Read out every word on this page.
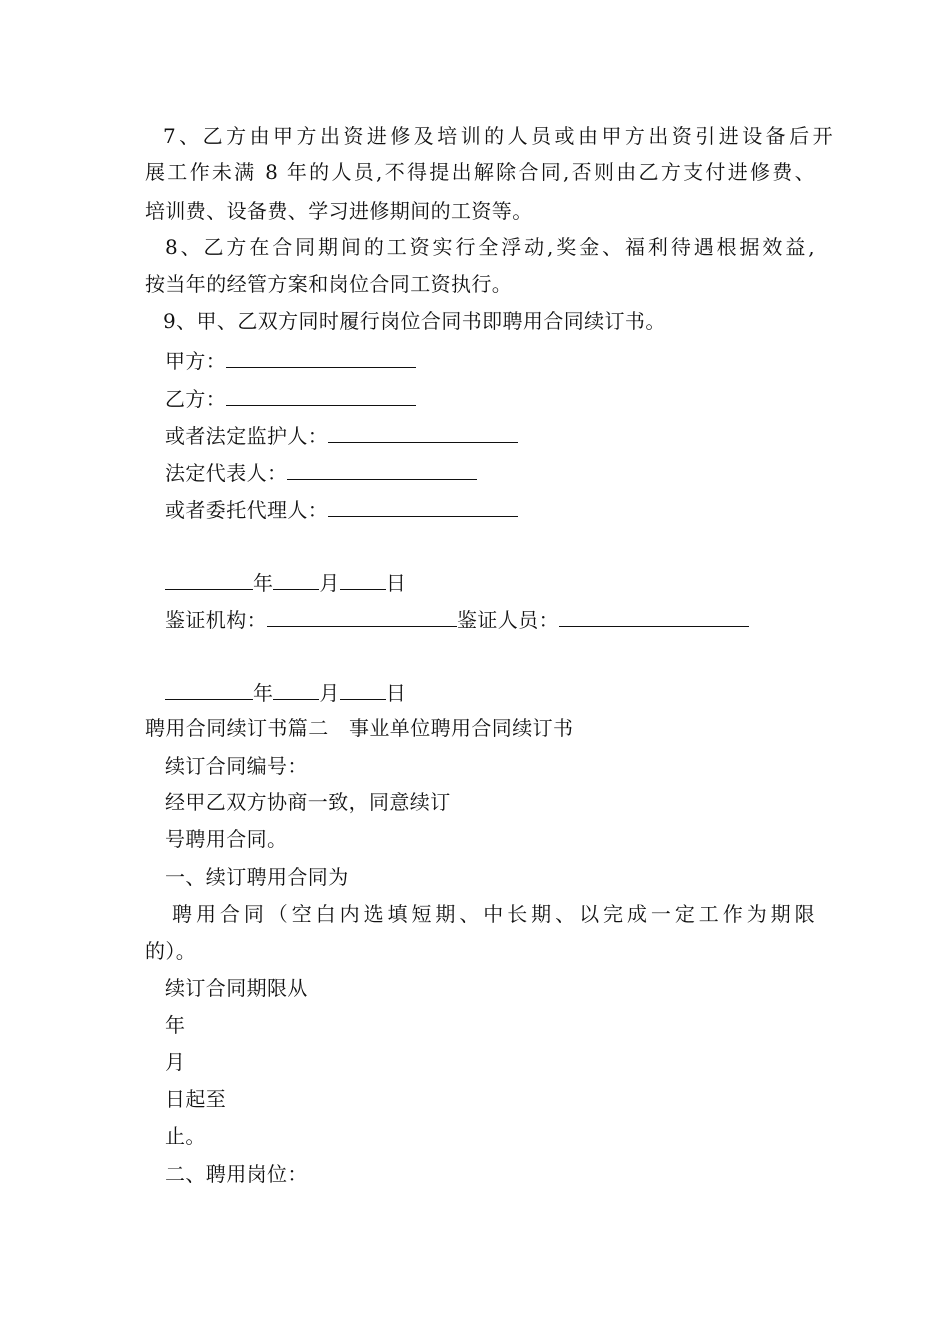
7、乙方由甲方出资进修及培训的人员或由甲方出资引进设备后开
展工作未满 8 年的人员,不得提出解除合同,否则由乙方支付进修费、
培训费、设备费、学习进修期间的工资等。
8、乙方在合同期间的工资实行全浮动,奖金、福利待遇根据效益,
按当年的经管方案和岗位合同工资执行。
9、甲、乙双方同时履行岗位合同书即聘用合同续订书。
甲方：
乙方：
或者法定监护人：
法定代表人：
或者委托代理人：
年 月 日
鉴证机构：	鉴证人员：
年 月 日
聘用合同续订书篇二　事业单位聘用合同续订书
续订合同编号：
经甲乙双方协商一致，同意续订
号聘用合同。
一、续订聘用合同为
聘用合同（空白内选填短期、中长期、以完成一定工作为期限
的）。
续订合同期限从
年
月
日起至
止。
二、聘用岗位：
